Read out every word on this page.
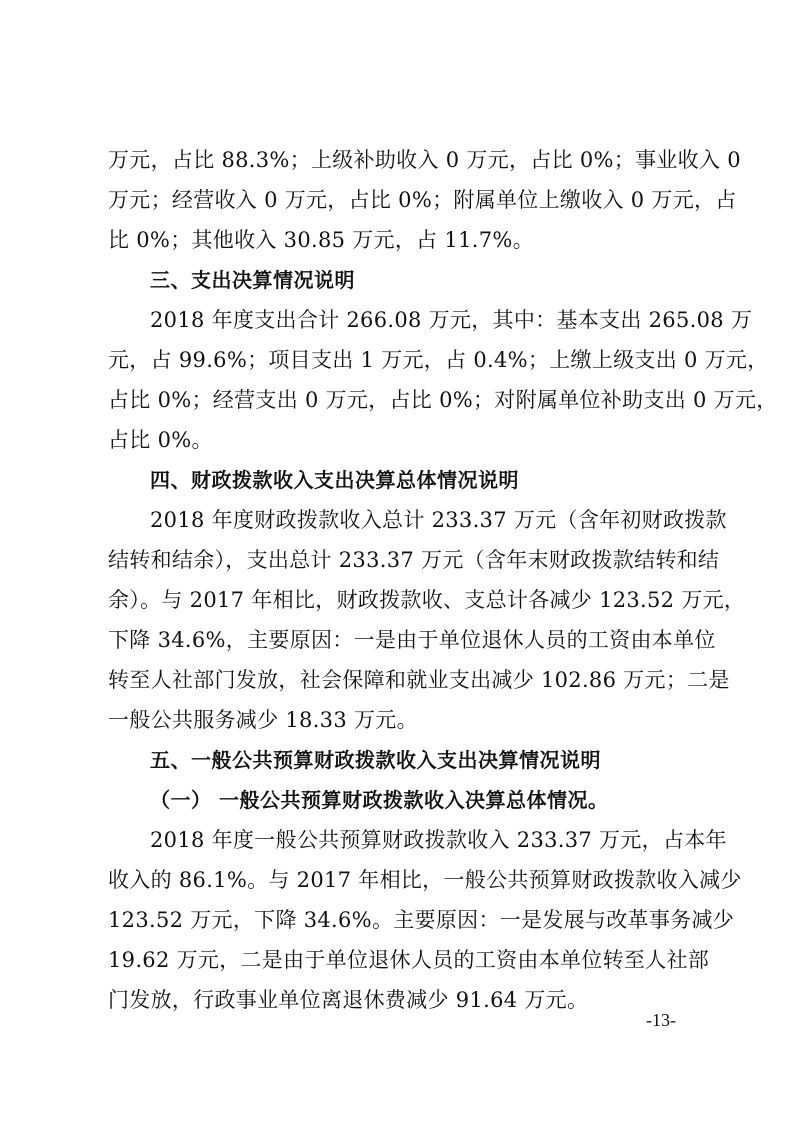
万元，占比 88.3%；上级补助收入 0 万元，占比 0%；事业收入 0
万元；经营收入 0 万元，占比 0%；附属单位上缴收入 0 万元，占
比 0%；其他收入 30.85 万元，占 11.7%。
三、支出决算情况说明
2018 年度支出合计 266.08 万元，其中：基本支出 265.08 万
元，占 99.6%；项目支出 1 万元，占 0.4%；上缴上级支出 0 万元，
占比 0%；经营支出 0 万元，占比 0%；对附属单位补助支出 0 万元，
占比 0%。
四、财政拨款收入支出决算总体情况说明
2018 年度财政拨款收入总计 233.37 万元（含年初财政拨款
结转和结余），支出总计 233.37 万元（含年末财政拨款结转和结
余）。与 2017 年相比，财政拨款收、支总计各减少 123.52 万元，
下降 34.6%，主要原因：一是由于单位退休人员的工资由本单位
转至人社部门发放，社会保障和就业支出减少 102.86 万元；二是
一般公共服务减少 18.33 万元。
五、一般公共预算财政拨款收入支出决算情况说明
（一） 一般公共预算财政拨款收入决算总体情况。
2018 年度一般公共预算财政拨款收入 233.37 万元，占本年
收入的 86.1%。与 2017 年相比，一般公共预算财政拨款收入减少
123.52 万元，下降 34.6%。主要原因：一是发展与改革事务减少
19.62 万元，二是由于单位退休人员的工资由本单位转至人社部
门发放，行政事业单位离退休费减少 91.64 万元。
-13-
